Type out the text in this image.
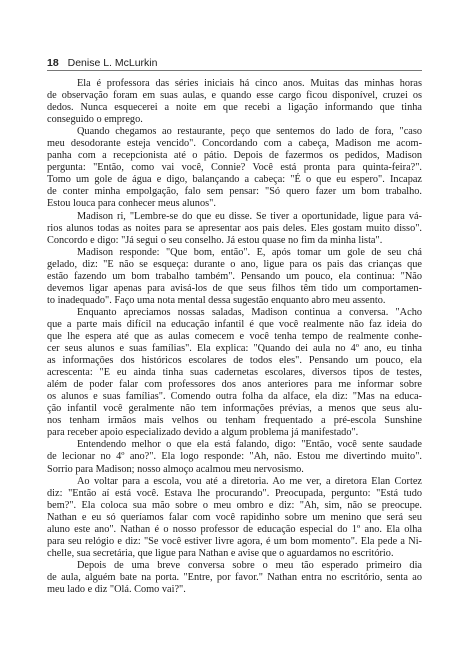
18 Denise L. McLurkin

Ela é professora das séries iniciais há cinco anos. Muitas das minhas horas
de observação foram em suas aulas, e quando esse cargo ficou disponível, cruzei os
dedos. Nunca esquecerei a noite em que recebi a ligação informando que tinha
conseguido o emprego.

Quando chegamos ao restaurante, peço que sentemos do lado de fora, "caso
meu desodorante esteja vencido". Concordando com a cabeça, Madison me acom-
panha com a recepcionista até o pátio. Depois de fazermos os pedidos, Madison
pergunta: "Então, como vai você, Connie? Você está pronta para quinta-feira?".
Tomo um gole de água e digo, balançando a cabeça: "É o que eu espero". Incapaz
de conter minha empolgação, falo sem pensar: "Só quero fazer um bom trabalho.
Estou louca para conhecer meus alunos".

Madison ri, "Lembre-se do que eu disse. Se tiver a oportunidade, ligue para vá-
rios alunos todas as noites para se apresentar aos pais deles. Eles gostam muito disso".
Concordo e digo: "Já segui o seu conselho. Já estou quase no fim da minha lista".

Madison responde: "Que bom, então". E, após tomar um gole de seu chá
gelado, diz: "E não se esqueça: durante o ano, ligue para os pais das crianças que
estão fazendo um bom trabalho também". Pensando um pouco, ela continua: "Não
devemos ligar apenas para avisá-los de que seus filhos têm tido um comportamen-
to inadequado". Faço uma nota mental dessa sugestão enquanto abro meu assento.

Enquanto apreciamos nossas saladas, Madison continua a conversa. "Acho
que a parte mais difícil na educação infantil é que você realmente não faz ideia do
que lhe espera até que as aulas comecem e você tenha tempo de realmente conhe-
cer seus alunos e suas famílias". Ela explica: "Quando dei aula no 4º ano, eu tinha
as informações dos históricos escolares de todos eles". Pensando um pouco, ela
acrescenta: "E eu ainda tinha suas cadernetas escolares, diversos tipos de testes,
além de poder falar com professores dos anos anteriores para me informar sobre
os alunos e suas famílias". Comendo outra folha da alface, ela diz: "Mas na educa-
ção infantil você geralmente não tem informações prévias, a menos que seus alu-
nos tenham irmãos mais velhos ou tenham frequentado a pré-escola Sunshine
para receber apoio especializado devido a algum problema já manifestado".

Entendendo melhor o que ela está falando, digo: "Então, você sente saudade
de lecionar no 4º ano?". Ela logo responde: "Ah, não. Estou me divertindo muito".
Sorrio para Madison; nosso almoço acalmou meu nervosismo.

Ao voltar para a escola, vou até a diretoria. Ao me ver, a diretora Elan Cortez
diz: "Então aí está você. Estava lhe procurando". Preocupada, pergunto: "Está tudo
bem?". Ela coloca sua mão sobre o meu ombro e diz: "Ah, sim, não se preocupe.
Nathan e eu só queríamos falar com você rapidinho sobre um menino que será seu
aluno este ano". Nathan é o nosso professor de educação especial do 1º ano. Ela olha
para seu relógio e diz: "Se você estiver livre agora, é um bom momento". Ela pede a Ni-
chelle, sua secretária, que ligue para Nathan e avise que o aguardamos no escritório.

Depois de uma breve conversa sobre o meu tão esperado primeiro dia
de aula, alguém bate na porta. "Entre, por favor." Nathan entra no escritório, senta ao
meu lado e diz "Olá. Como vai?".
